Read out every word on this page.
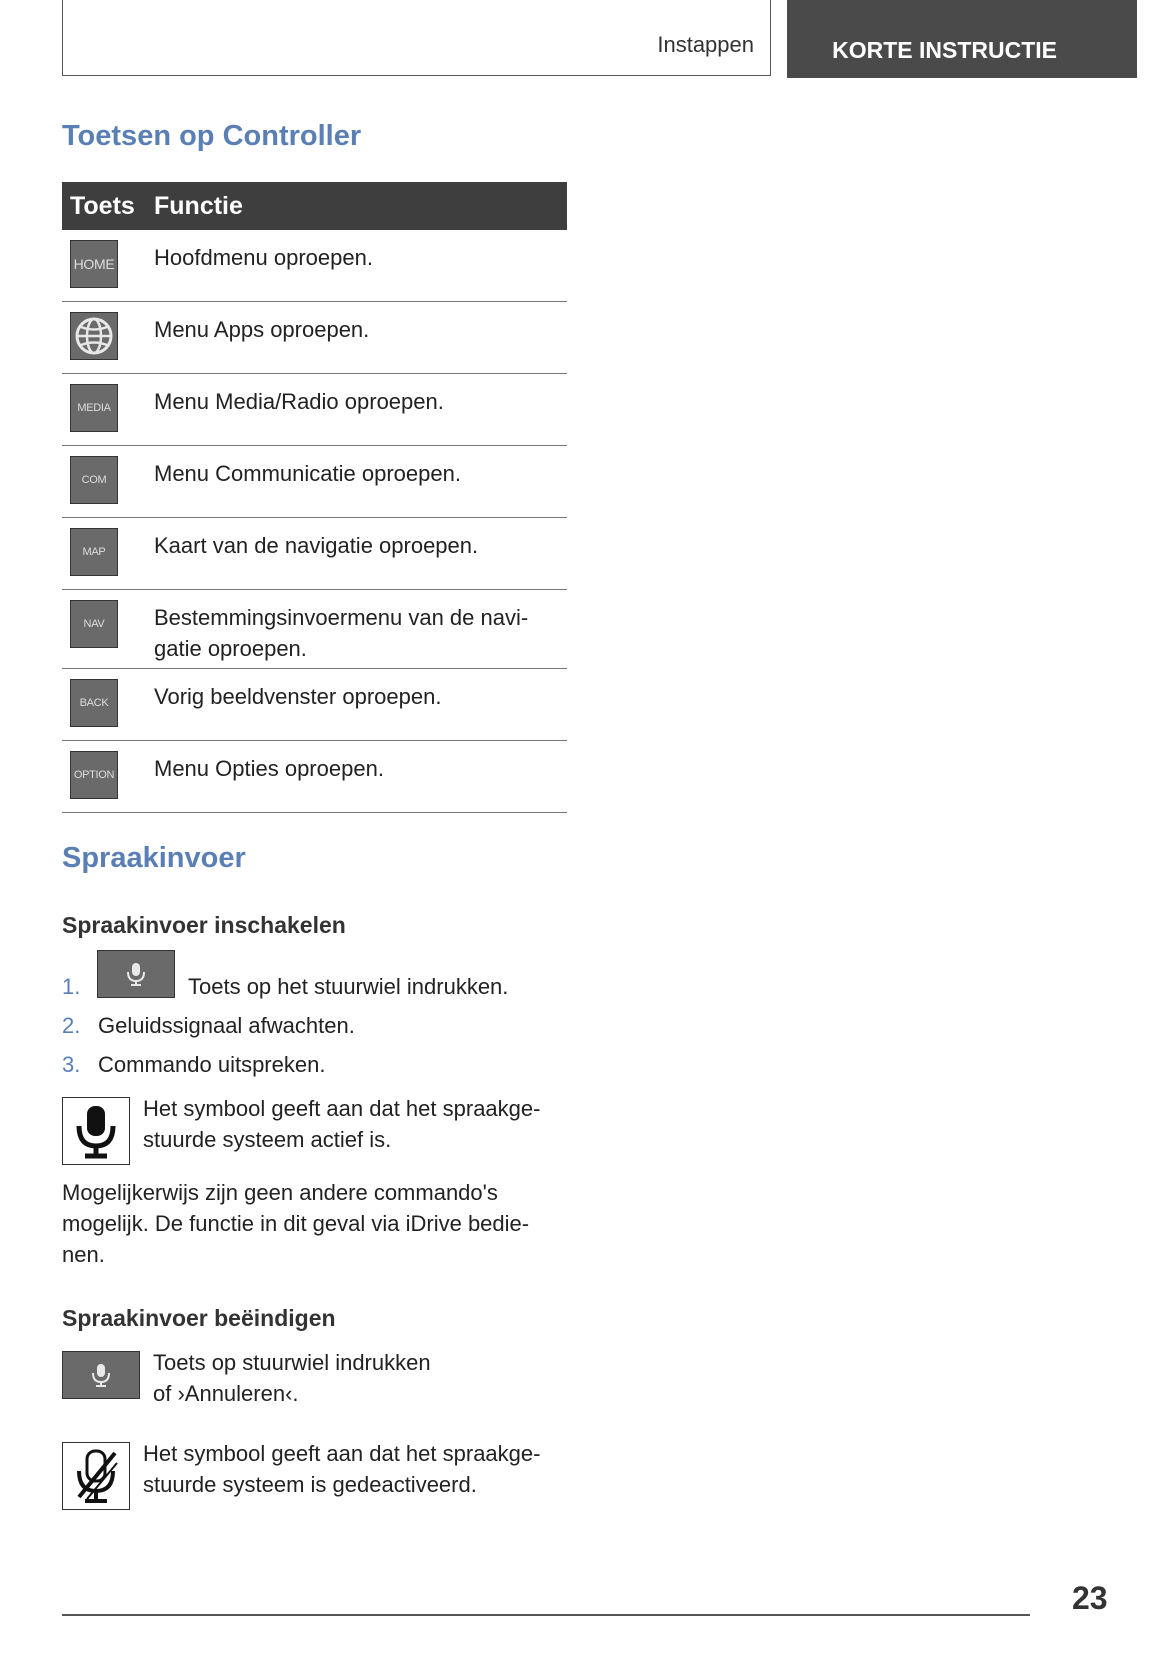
Instappen	KORTE INSTRUCTIE
Toetsen op Controller
Toets	Functie

HOME	Hoofdmenu oproepen.

	Menu Apps oproepen.

MEDIA	Menu Media/Radio oproepen.

COM	Menu Communicatie oproepen.

MAP	Kaart van de navigatie oproepen.

NAV	Bestemmingsinvoermenu van de navi-
gatie oproepen.

BACK	Vorig beeldvenster oproepen.

OPTION	Menu Opties oproepen.
Spraakinvoer
Spraakinvoer inschakelen
1.	Toets op het stuurwiel indrukken.
2. Geluidssignaal afwachten.
3. Commando uitspreken.

Het symbool geeft aan dat het spraakge-
stuurde systeem actief is.

Mogelijkerwijs zijn geen andere commando's
mogelijk. De functie in dit geval via iDrive bedie-
nen.

Spraakinvoer beëindigen

Toets op stuurwiel indrukken
of ›Annuleren‹.

Het symbool geeft aan dat het spraakge-
stuurde systeem is gedeactiveerd.

23
